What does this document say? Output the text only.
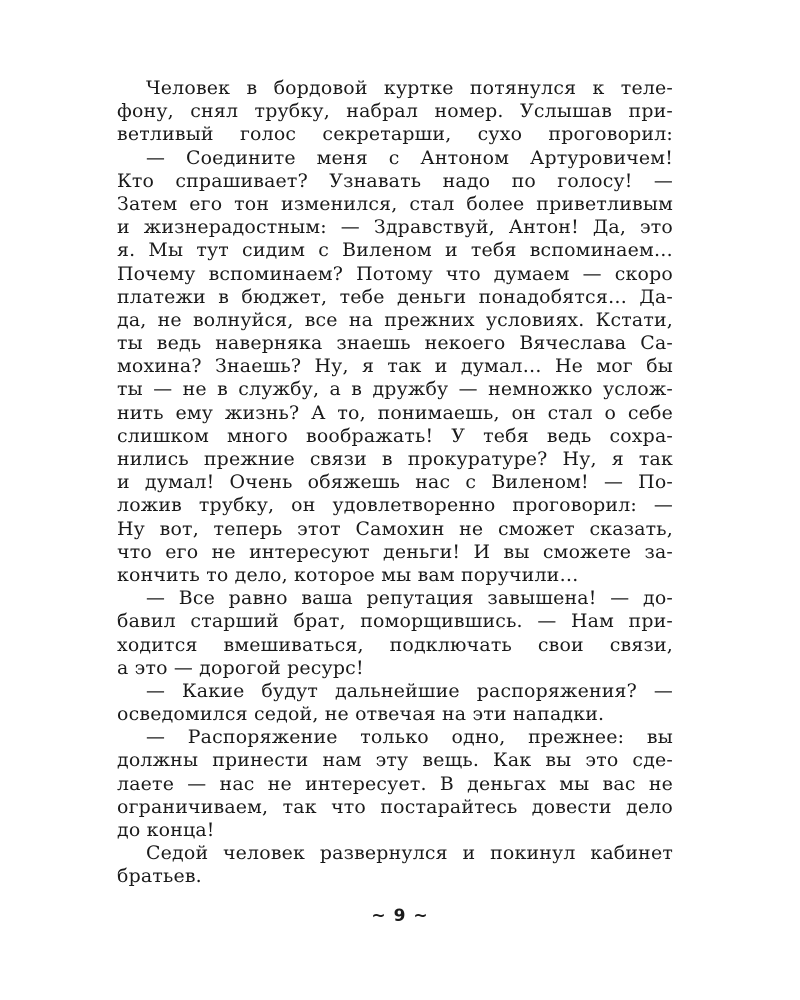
Человек в бордовой куртке потянулся к теле-
фону, снял трубку, набрал номер. Услышав при-
ветливый голос секретарши, сухо проговорил:
— Соедините меня с Антоном Артуровичем!
Кто спрашивает? Узнавать надо по голосу! —
Затем его тон изменился, стал более приветливым
и жизнерадостным: — Здравствуй, Антон! Да, это
я. Мы тут сидим с Виленом и тебя вспоминаем…
Почему вспоминаем? Потому что думаем — скоро
платежи в бюджет, тебе деньги понадобятся… Да-
да, не волнуйся, все на прежних условиях. Кстати,
ты ведь наверняка знаешь некоего Вячеслава Са-
мохина? Знаешь? Ну, я так и думал… Не мог бы
ты — не в службу, а в дружбу — немножко услож-
нить ему жизнь? А то, понимаешь, он стал о себе
слишком много воображать! У тебя ведь сохра-
нились прежние связи в прокуратуре? Ну, я так
и думал! Очень обяжешь нас с Виленом! — По-
ложив трубку, он удовлетворенно проговорил: —
Ну вот, теперь этот Самохин не сможет сказать,
что его не интересуют деньги! И вы сможете за-
кончить то дело, которое мы вам поручили…
— Все равно ваша репутация завышена! — до-
бавил старший брат, поморщившись. — Нам при-
ходится вмешиваться, подключать свои связи,
а это — дорогой ресурс!
— Какие будут дальнейшие распоряжения? —
осведомился седой, не отвечая на эти нападки.
— Распоряжение только одно, прежнее: вы
должны принести нам эту вещь. Как вы это сде-
лаете — нас не интересует. В деньгах мы вас не
ограничиваем, так что постарайтесь довести дело
до конца!
Седой человек развернулся и покинул кабинет
братьев.
~ 9 ~
